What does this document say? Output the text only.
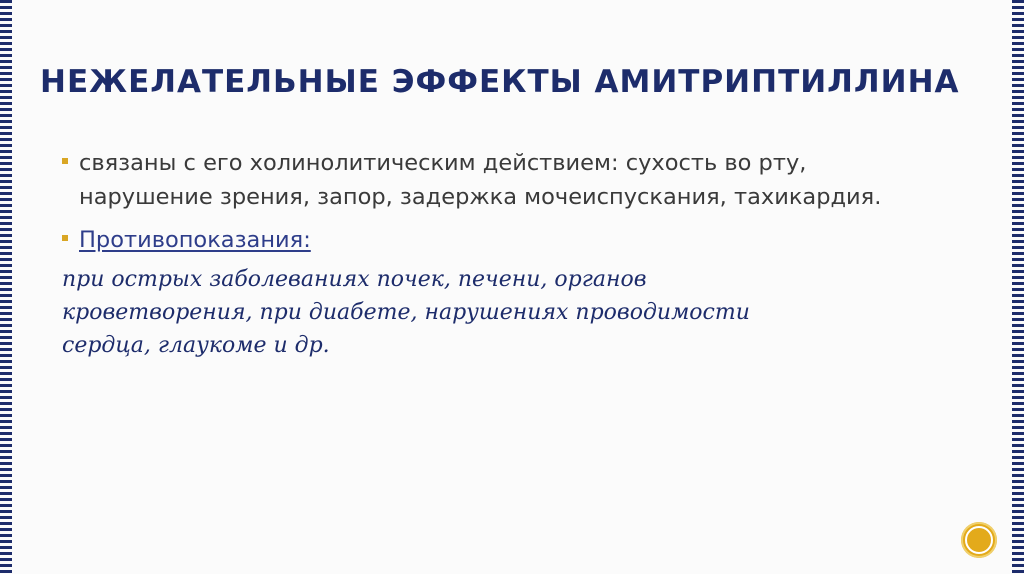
НЕЖЕЛАТЕЛЬНЫЕ ЭФФЕКТЫ АМИТРИПТИЛЛИНА
связаны с его холинолитическим действием: сухость во рту, нарушение зрения, запор, задержка мочеиспускания, тахикардия.
Противопоказания:
при острых заболеваниях почек, печени, органов кроветворения, при диабете, нарушениях проводимости сердца, глаукоме и др.
